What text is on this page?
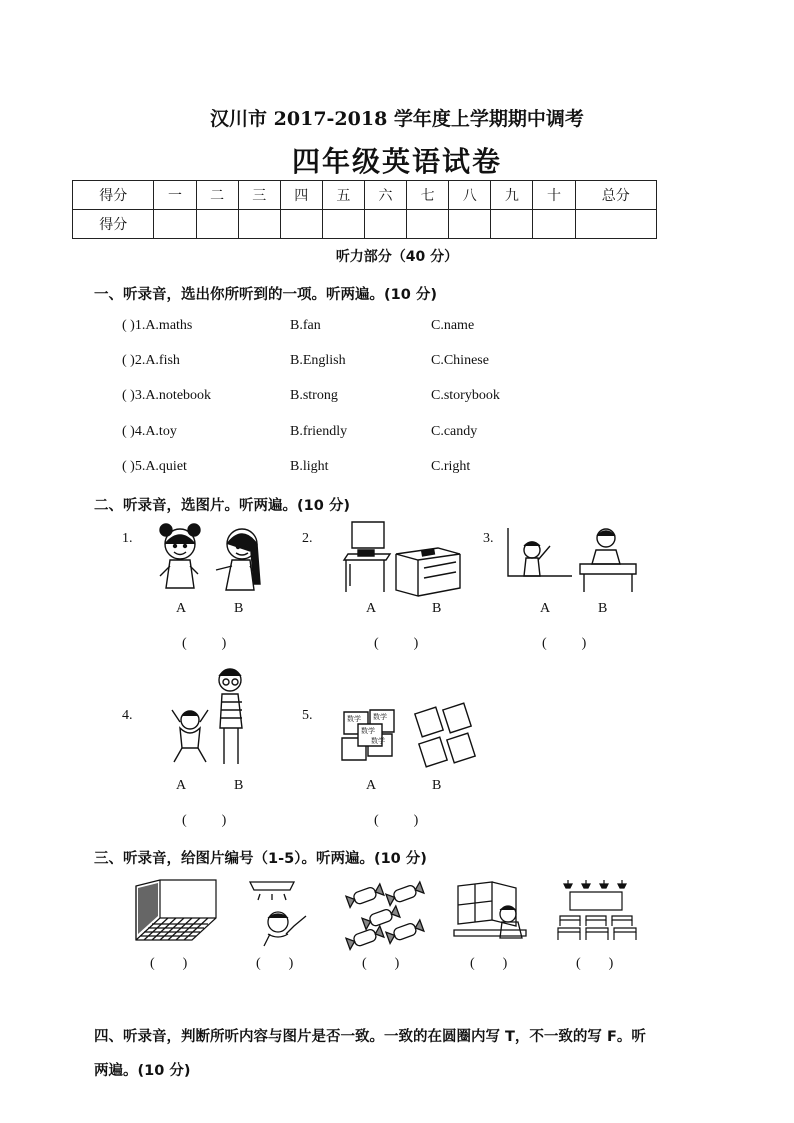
汉川市 2017-2018 学年度上学期期中调考
四年级英语试卷
得分	一	二	三	四	五	六	七	八	九	十	总分
得分											
听力部分（40 分）
一、听录音，选出你所听到的一项。听两遍。(10 分)
( )1.A.maths	B.fan	C.name
( )2.A.fish	B.English	C.Chinese
( )3.A.notebook	B.strong	C.storybook
( )4.A.toy	B.friendly	C.candy
( )5.A.quiet	B.light	C.right
二、听录音，选图片。听两遍。(10 分)
1.
A	B
(          )
2.
A	B
(          )
3.
A	B
(          )
4.
A	B
(          )
5.	数学 数学
数学
数学
A	B
(          )
三、听录音，给图片编号（1-5）。听两遍。(10 分)
(        )	(        )	(        )	(        )	(        )
四、听录音，判断所听内容与图片是否一致。一致的在圆圈内写 T，不一致的写 F。听
两遍。(10 分)
